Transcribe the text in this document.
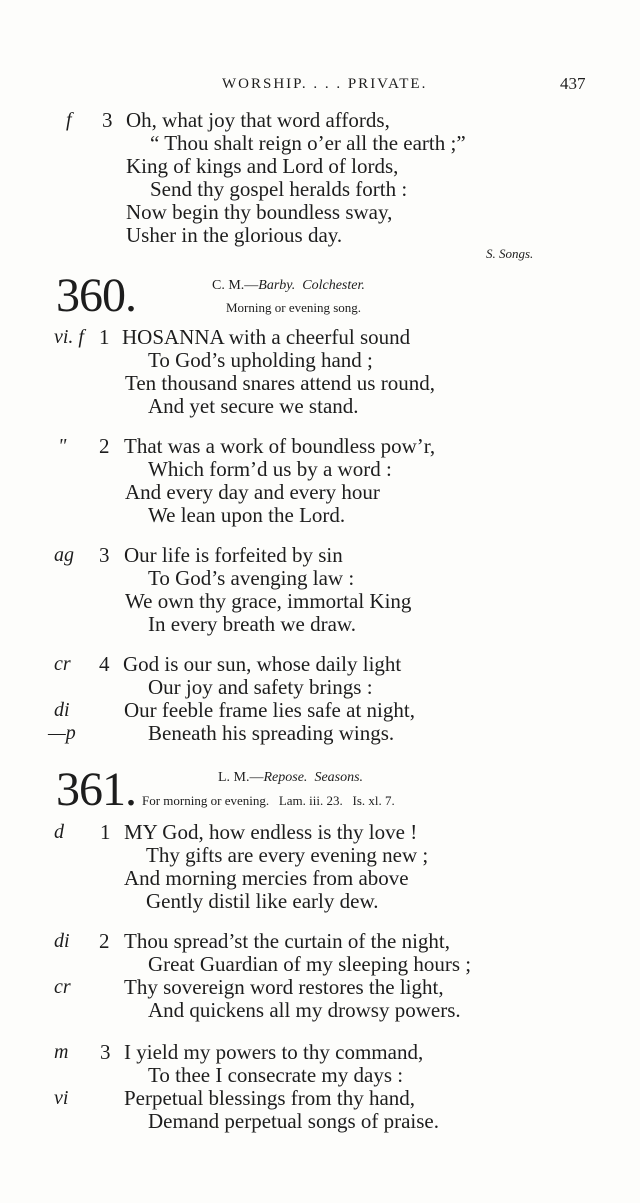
WORSHIP. . . . PRIVATE.	437
f 3 Oh, what joy that word affords,
“ Thou shalt reign o’er all the earth ;”
King of kings and Lord of lords,
Send thy gospel heralds forth :
Now begin thy boundless sway,
Usher in the glorious day.
S. Songs.
360.	C. M.—Barby. Colchester.
Morning or evening song.
vi. f 1 HOSANNA with a cheerful sound
To God’s upholding hand ;
Ten thousand snares attend us round,
And yet secure we stand.
" 2 That was a work of boundless pow’r,
Which form’d us by a word :
And every day and every hour
We lean upon the Lord.
ag 3 Our life is forfeited by sin
To God’s avenging law :
We own thy grace, immortal King
In every breath we draw.
cr 4 God is our sun, whose daily light
Our joy and safety brings :
di	Our feeble frame lies safe at night,
—p	Beneath his spreading wings.
361.	L. M.—Repose. Seasons.
For morning or evening. Lam. iii. 23. Is. xl. 7.
d 1 MY God, how endless is thy love !
Thy gifts are every evening new ;
And morning mercies from above
Gently distil like early dew.
di 2 Thou spread’st the curtain of the night,
Great Guardian of my sleeping hours ;
cr	Thy sovereign word restores the light,
And quickens all my drowsy powers.
m 3 I yield my powers to thy command,
To thee I consecrate my days :
vi	Perpetual blessings from thy hand,
Demand perpetual songs of praise.
